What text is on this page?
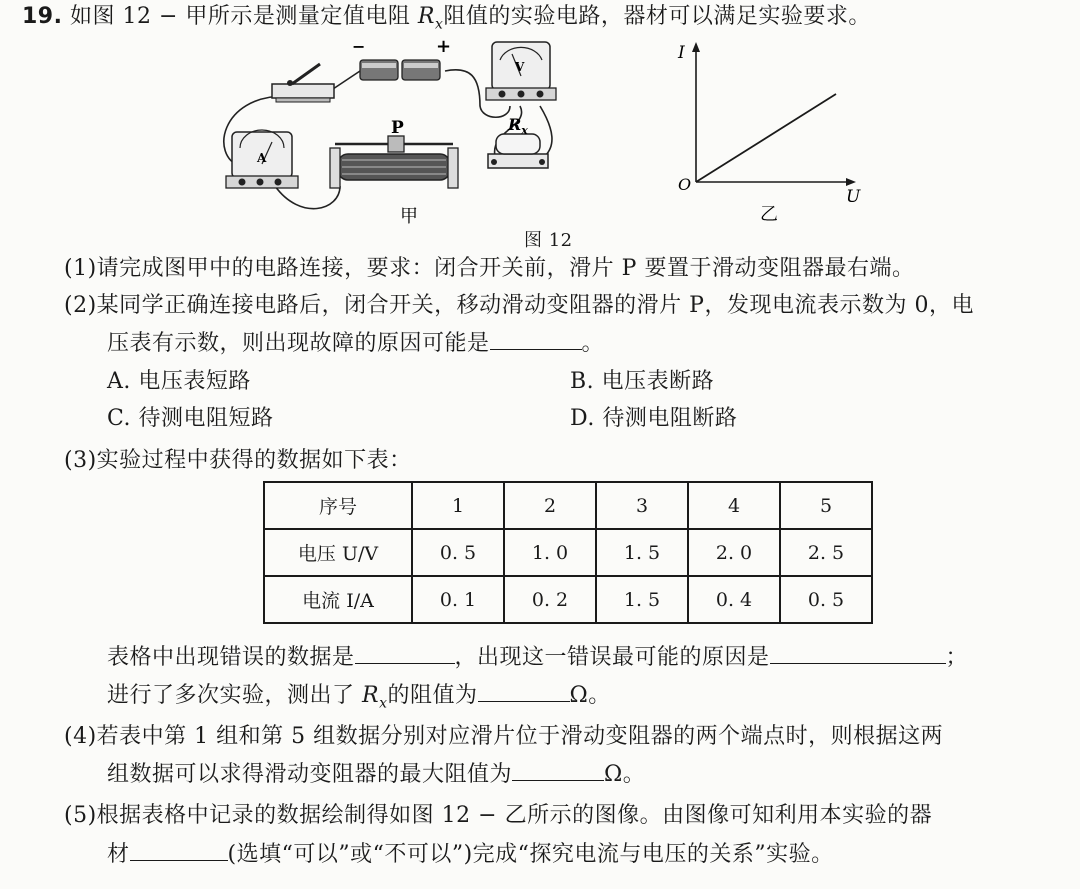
19. 如图 12 − 甲所示是测量定值电阻 $R_x$阻值的实验电路，器材可以满足实验要求。
−	+
A
P
V
$R_x$
甲
I
U
O
乙
图 12
(1)请完成图甲中的电路连接，要求：闭合开关前，滑片 P 要置于滑动变阻器最右端。
(2)某同学正确连接电路后，闭合开关，移动滑动变阻器的滑片 P，发现电流表示数为 0，电
压表有示数，则出现故障的原因可能是	。
A. 电压表短路	B. 电压表断路
C. 待测电阻短路	D. 待测电阻断路
(3)实验过程中获得的数据如下表：
序号	1	2	3	4	5
电压 U/V	0. 5	1. 0	1. 5	2. 0	2. 5
电流 I/A	0. 1	0. 2	1. 5	0. 4	0. 5
表格中出现错误的数据是	，出现这一错误最可能的原因是	；
进行了多次实验，测出了 $R_x$的阻值为	Ω。
(4)若表中第 1 组和第 5 组数据分别对应滑片位于滑动变阻器的两个端点时，则根据这两
组数据可以求得滑动变阻器的最大阻值为	Ω。
(5)根据表格中记录的数据绘制得如图 12 − 乙所示的图像。由图像可知利用本实验的器
材	(选填“可以”或“不可以”)完成“探究电流与电压的关系”实验。
